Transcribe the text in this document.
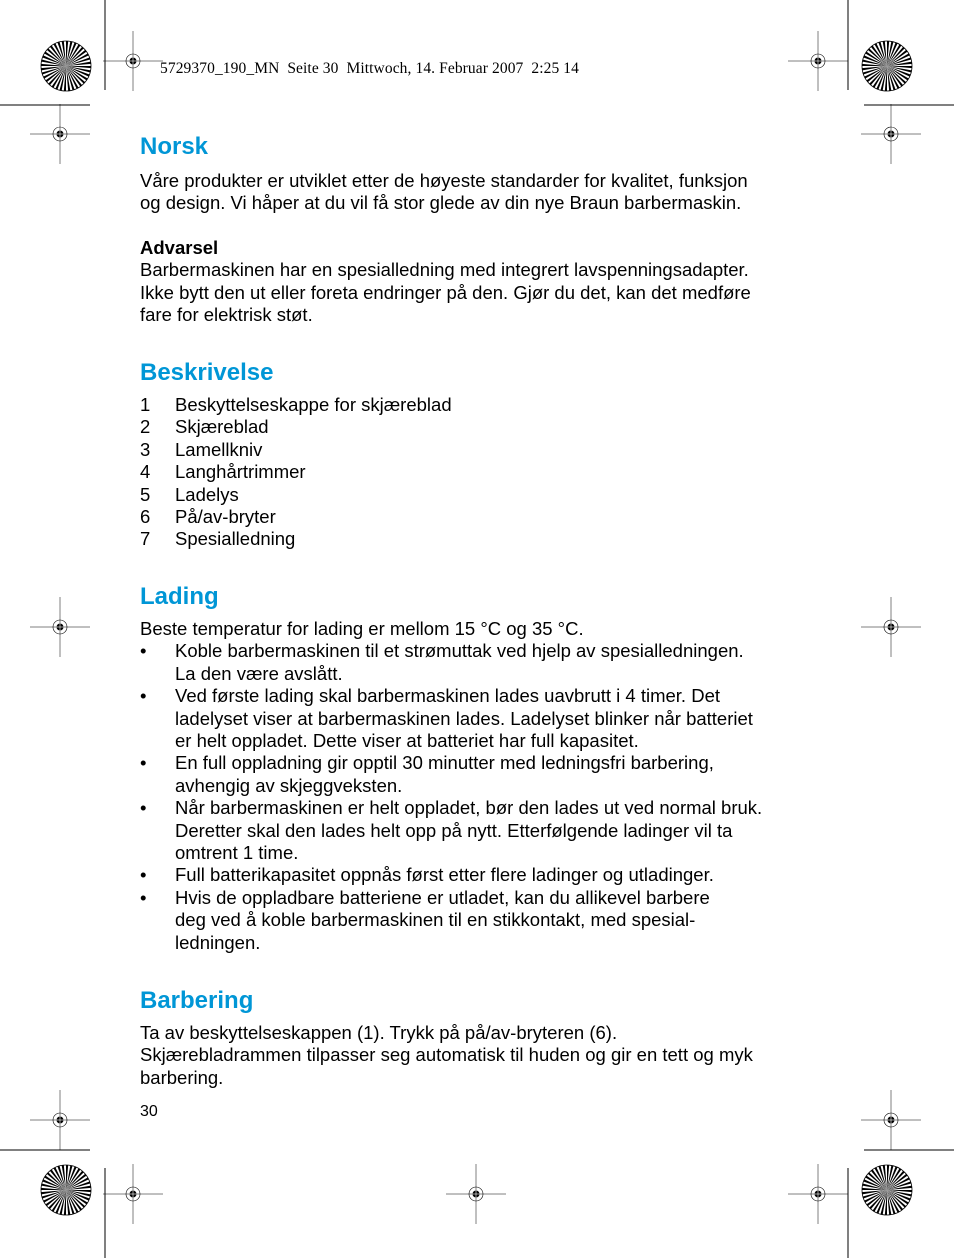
5729370_190_MN  Seite 30  Mittwoch, 14. Februar 2007  2:25 14
Norsk

Våre produkter er utviklet etter de høyeste standarder for kvalitet, funksjon

og design. Vi håper at du vil få stor glede av din nye Braun barbermaskin.

Advarsel

Barbermaskinen har en spesialledning med integrert lavspenningsadapter.

Ikke bytt den ut eller foreta endringer på den. Gjør du det, kan det medføre

fare for elektrisk støt.

Beskrivelse
1	Beskyttelseskappe for skjæreblad
2	Skjæreblad
3	Lamellkniv
4	Langhårtrimmer
5	Ladelys
6	På/av-bryter
7	Spesialledning
Lading

Beste temperatur for lading er mellom 15 °C og 35 °C.

•	Koble barbermaskinen til et strømuttak ved hjelp av spesialledningen.
La den være avslått.
•	Ved første lading skal barbermaskinen lades uavbrutt i 4 timer. Det
ladelyset viser at barbermaskinen lades. Ladelyset blinker når batteriet
er helt oppladet. Dette viser at batteriet har full kapasitet.
•	En full oppladning gir opptil 30 minutter med ledningsfri barbering,
avhengig av skjeggveksten.
•	Når barbermaskinen er helt oppladet, bør den lades ut ved normal bruk.
Deretter skal den lades helt opp på nytt. Etterfølgende ladinger vil ta
omtrent 1 time.
•	Full batterikapasitet oppnås først etter flere ladinger og utladinger.
•	Hvis de oppladbare batteriene er utladet, kan du allikevel barbere
deg ved å koble barbermaskinen til en stikkontakt, med spesial-
ledningen.
Barbering

Ta av beskyttelseskappen (1). Trykk på på/av-bryteren (6).

Skjærebladrammen tilpasser seg automatisk til huden og gir en tett og myk

barbering.

30
